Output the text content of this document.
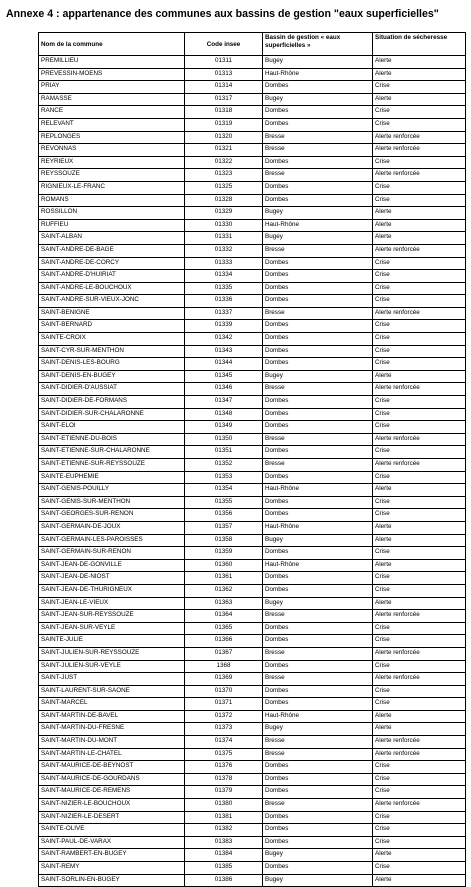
Annexe 4 : appartenance des communes aux bassins de gestion "eaux superficielles"
Nom de la commune	Code insee	Bassin de gestion « eaux superficielles »	Situation de sécheresse
PREMILLIEU	01311	Bugey	Alerte
PREVESSIN-MOENS	01313	Haut-Rhône	Alerte
PRIAY	01314	Dombes	Crise
RAMASSE	01317	Bugey	Alerte
RANCE	01318	Dombes	Crise
RELEVANT	01319	Dombes	Crise
REPLONGES	01320	Bresse	Alerte renforcée
REVONNAS	01321	Bresse	Alerte renforcée
REYRIEUX	01322	Dombes	Crise
REYSSOUZE	01323	Bresse	Alerte renforcée
RIGNIEUX-LE-FRANC	01325	Dombes	Crise
ROMANS	01328	Dombes	Crise
ROSSILLON	01329	Bugey	Alerte
RUFFIEU	01330	Haut-Rhône	Alerte
SAINT-ALBAN	01331	Bugey	Alerte
SAINT-ANDRE-DE-BAGE	01332	Bresse	Alerte renforcée
SAINT-ANDRE-DE-CORCY	01333	Dombes	Crise
SAINT-ANDRE-D'HUIRIAT	01334	Dombes	Crise
SAINT-ANDRE-LE-BOUCHOUX	01335	Dombes	Crise
SAINT-ANDRE-SUR-VIEUX-JONC	01336	Dombes	Crise
SAINT-BENIGNE	01337	Bresse	Alerte renforcée
SAINT-BERNARD	01339	Dombes	Crise
SAINTE-CROIX	01342	Dombes	Crise
SAINT-CYR-SUR-MENTHON	01343	Dombes	Crise
SAINT-DENIS-LES-BOURG	01344	Dombes	Crise
SAINT-DENIS-EN-BUGEY	01345	Bugey	Alerte
SAINT-DIDIER-D'AUSSIAT	01346	Bresse	Alerte renforcée
SAINT-DIDIER-DE-FORMANS	01347	Dombes	Crise
SAINT-DIDIER-SUR-CHALARONNE	01348	Dombes	Crise
SAINT-ELOI	01349	Dombes	Crise
SAINT-ETIENNE-DU-BOIS	01350	Bresse	Alerte renforcée
SAINT-ETIENNE-SUR-CHALARONNE	01351	Dombes	Crise
SAINT-ETIENNE-SUR-REYSSOUZE	01352	Bresse	Alerte renforcée
SAINTE-EUPHEMIE	01353	Dombes	Crise
SAINT-GENIS-POUILLY	01354	Haut-Rhône	Alerte
SAINT-GENIS-SUR-MENTHON	01355	Dombes	Crise
SAINT-GEORGES-SUR-RENON	01356	Dombes	Crise
SAINT-GERMAIN-DE-JOUX	01357	Haut-Rhône	Alerte
SAINT-GERMAIN-LES-PAROISSES	01358	Bugey	Alerte
SAINT-GERMAIN-SUR-RENON	01359	Dombes	Crise
SAINT-JEAN-DE-GONVILLE	01360	Haut-Rhône	Alerte
SAINT-JEAN-DE-NIOST	01361	Dombes	Crise
SAINT-JEAN-DE-THURIGNEUX	01362	Dombes	Crise
SAINT-JEAN-LE-VIEUX	01363	Bugey	Alerte
SAINT-JEAN-SUR-REYSSOUZE	01364	Bresse	Alerte renforcée
SAINT-JEAN-SUR-VEYLE	01365	Dombes	Crise
SAINTE-JULIE	01366	Dombes	Crise
SAINT-JULIEN-SUR-REYSSOUZE	01367	Bresse	Alerte renforcée
SAINT-JULIEN-SUR-VEYLE	1368	Dombes	Crise
SAINT-JUST	01369	Bresse	Alerte renforcée
SAINT-LAURENT-SUR-SAONE	01370	Dombes	Crise
SAINT-MARCEL	01371	Dombes	Crise
SAINT-MARTIN-DE-BAVEL	01372	Haut-Rhône	Alerte
SAINT-MARTIN-DU-FRESNE	01373	Bugey	Alerte
SAINT-MARTIN-DU-MONT	01374	Bresse	Alerte renforcée
SAINT-MARTIN-LE-CHATEL	01375	Bresse	Alerte renforcée
SAINT-MAURICE-DE-BEYNOST	01376	Dombes	Crise
SAINT-MAURICE-DE-GOURDANS	01378	Dombes	Crise
SAINT-MAURICE-DE-REMENS	01379	Dombes	Crise
SAINT-NIZIER-LE-BOUCHOUX	01380	Bresse	Alerte renforcée
SAINT-NIZIER-LE-DESERT	01381	Dombes	Crise
SAINTE-OLIVE	01382	Dombes	Crise
SAINT-PAUL-DE-VARAX	01383	Dombes	Crise
SAINT-RAMBERT-EN-BUGEY	01384	Bugey	Alerte
SAINT-REMY	01385	Dombes	Crise
SAINT-SORLIN-EN-BUGEY	01386	Bugey	Alerte
